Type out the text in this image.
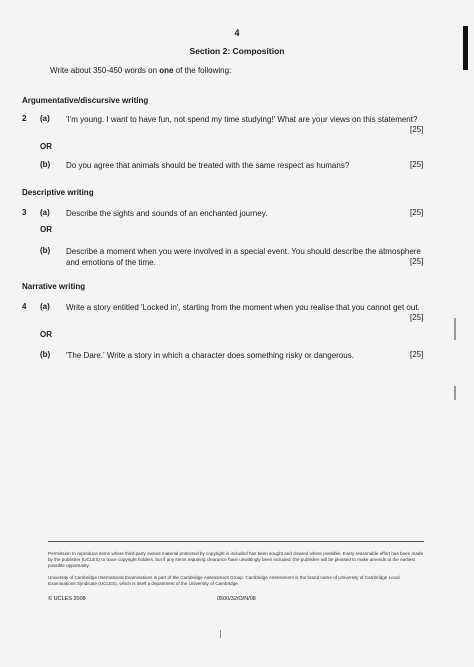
4
Section 2: Composition
Write about 350-450 words on one of the following:
Argumentative/discursive writing
2 (a) 'I'm young. I want to have fun, not spend my time studying!' What are your views on this statement?
[25]
OR
(b) Do you agree that animals should be treated with the same respect as humans?	[25]
Descriptive writing
3 (a) Describe the sights and sounds of an enchanted journey.	[25]
OR
(b) Describe a moment when you were involved in a special event. You should describe the atmosphere and emotions of the time.	[25]
Narrative writing
4 (a) Write a story entitled 'Locked in', starting from the moment when you realise that you cannot get out.
[25]
OR
(b) 'The Dare.' Write a story in which a character does something risky or dangerous.	[25]
Permission to reproduce items where third-party owned material protected by copyright is included has been sought and cleared where possible. Every reasonable effort has been made by the publisher (UCLES) to trace copyright holders, but if any items requiring clearance have unwittingly been included, the publisher will be pleased to make amends at the earliest possible opportunity.
University of Cambridge International Examinations is part of the Cambridge Assessment Group. Cambridge Assessment is the brand name of University of Cambridge Local Examinations Syndicate (UCLES), which is itself a department of the University of Cambridge.
© UCLES 2008	0500/32/O/N/08
